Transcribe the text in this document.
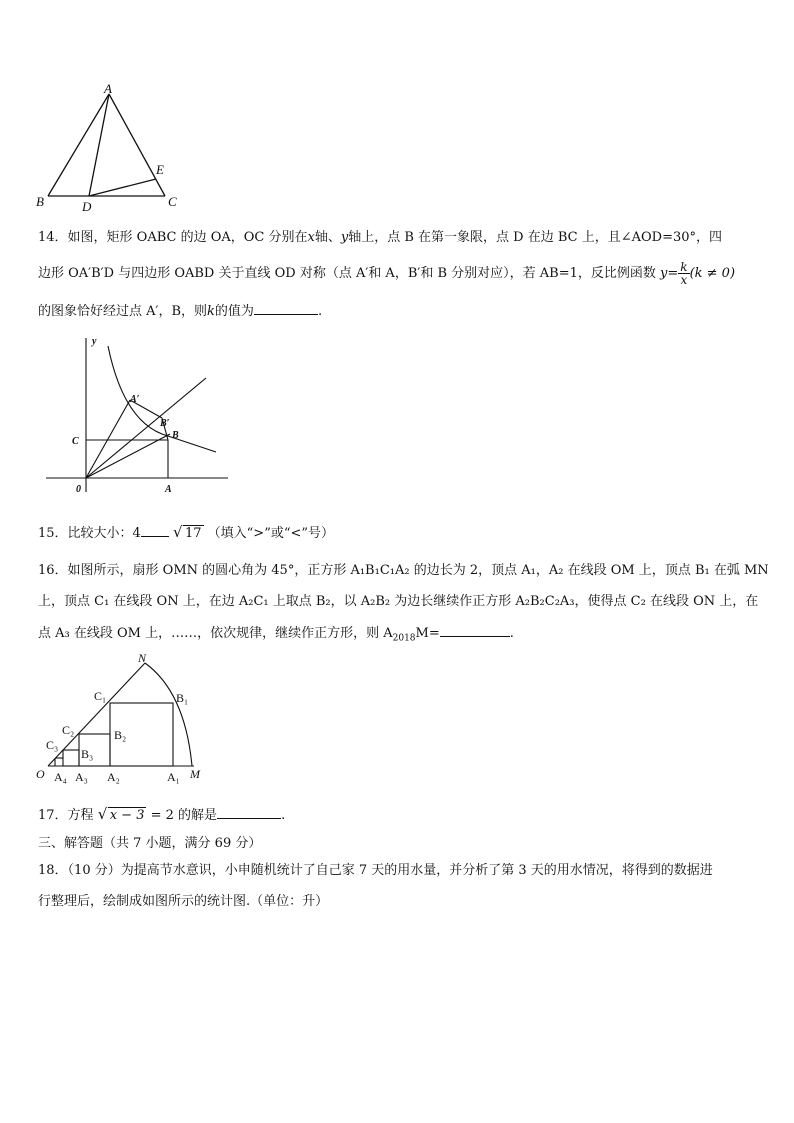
A
B	C
D
E
14．如图，矩形 OABC 的边 OA，OC 分别在x轴、y轴上，点 B 在第一象限，点 D 在边 BC 上，且∠AOD=30°，四
边形 OA′B′D 与四边形 OABD 关于直线 OD 对称（点 A′和 A，B′和 B 分别对应），若 AB=1，反比例函数 $y= \frac{k}{x} (k \ne 0)$
的图象恰好经过点 A′，B，则k的值为	.
y
A′
B′
B
C
0	A
15．比较大小：4 √ 17 （填入“>”或“<”号）
16．如图所示，扇形 OMN 的圆心角为 45°，正方形 A₁B₁C₁A₂ 的边长为 2，顶点 A₁，A₂ 在线段 OM 上，顶点 B₁ 在弧 MN
上，顶点 C₁ 在线段 ON 上，在边 A₂C₁ 上取点 B₂，以 A₂B₂ 为边长继续作正方形 A₂B₂C₂A₃，使得点 C₂ 在线段 ON 上，在
点 A₃ 在线段 OM 上，……，依次规律，继续作正方形，则 $A_{2018}M=$	.
N
M
O
C₁	B₁
C₂	B₂
C₃
B₃
A₄ A₃ A₂	A₁
17．方程 √ x − 3 = 2 的解是	.
三、解答题（共 7 小题，满分 69 分）
18．（10 分）为提高节水意识，小申随机统计了自己家 7 天的用水量，并分析了第 3 天的用水情况，将得到的数据进
行整理后，绘制成如图所示的统计图.（单位：升）
